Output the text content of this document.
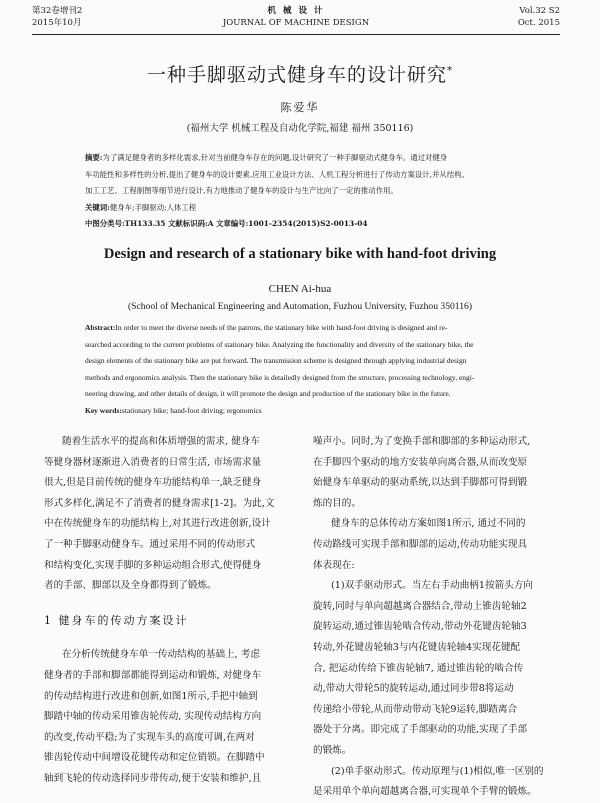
第32卷增刊2
2015年10月
机 械 设 计
JOURNAL OF MACHINE DESIGN
Vol.32 S2
Oct. 2015
一种手脚驱动式健身车的设计研究*
陈爱华
(福州大学 机械工程及自动化学院,福建 福州 350116)
摘要:为了满足健身者的多样化需求,针对当前健身车存在的问题,设计研究了一种手脚驱动式健身车。通过对健身
车功能性和多样性的分析,提出了健身车的设计要素,应用工业设计方法、人机工程分析进行了传动方案设计,并从结构、
加工工艺、工程制图等细节进行设计,有力地推动了健身车的设计与生产比向了一定的推动作用。
关键词:健身车;手脚驱动;人体工程
中图分类号:TH133.35 文献标识码:A 文章编号:1001-2354(2015)S2-0013-04
Design and research of a stationary bike with hand-foot driving
CHEN Ai-hua
(School of Mechanical Engineering and Automation, Fuzhou University, Fuzhou 350116)
Abstract:In order to meet the diverse needs of the patrons, the stationary bike with hand-foot driving is designed and re-
searched according to the current problems of stationary bike. Analyzing the functionality and diversity of the stationary bike, the
design elements of the stationary bike are put forward. The transmission scheme is designed through applying industrial design
methods and ergonomics analysis. Then the stationary bike is detailedly designed from the structure, processing technology, engi-
neering drawing, and other details of design, it will promote the design and production of the stationary bike in the future.
Key words:stationary bike; hand-foot driving; ergonomics
随着生活水平的提高和体质增强的需求, 健身车
等健身器材逐渐进入消费者的日常生活, 市场需求量
很大,但是目前传统的健身车功能结构单一,缺乏健身
形式多样化,满足不了消费者的健身需求[1-2]。为此,文
中在传统健身车的功能结构上,对其进行改进创新,设计
了一种手脚驱动健身车。通过采用不同的传动形式
和结构变化,实现手脚的多种运动组合形式,使得健身
者的手部、脚部以及全身都得到了锻炼。
1 健身车的传动方案设计
在分析传统健身车单一传动结构的基础上, 考虑
健身者的手部和脚部都能得到运动和锻炼, 对健身车
的传动结构进行改进和创新,如图1所示,手把中轴到
脚踏中轴的传动采用锥齿轮传动, 实现传动结构方向
的改变,传动平稳;为了实现车头的高度可调,在两对
锥齿轮传动中间增设花键传动和定位销锁。在脚踏中
轴到飞轮的传动选择同步带传动,便于安装和维护,且
噪声小。同时,为了变换手部和脚部的多种运动形式,
在手脚四个驱动的地方安装单向离合器,从而改变原
始健身车单驱动的驱动系统,以达到手脚都可得到锻
炼的目的。
健身车的总体传动方案如图1所示, 通过不同的
传动路线可实现手部和脚部的运动,传动功能实现具
体表现在:
(1)双手驱动形式。当左右手动曲柄1按箭头方向
旋转,同时与单向超越离合器结合,带动上锥齿轮轴2
旋转运动,通过锥齿轮啮合传动,带动外花键齿轮轴3
转动,外花键齿轮轴3与内花键齿轮轴4实现花键配
合, 把运动传给下锥齿轮轴7, 通过锥齿轮的啮合传
动,带动大带轮5的旋转运动,通过同步带8将运动
传递给小带轮,从而带动带动飞轮9运转,脚踏离合
器处于分离。即完成了手部驱动的功能,实现了手部
的锻炼。
(2)单手驱动形式。传动原理与(1)相似,唯一区别的
是采用单个单向超越离合器,可实现单个手臂的锻炼。
